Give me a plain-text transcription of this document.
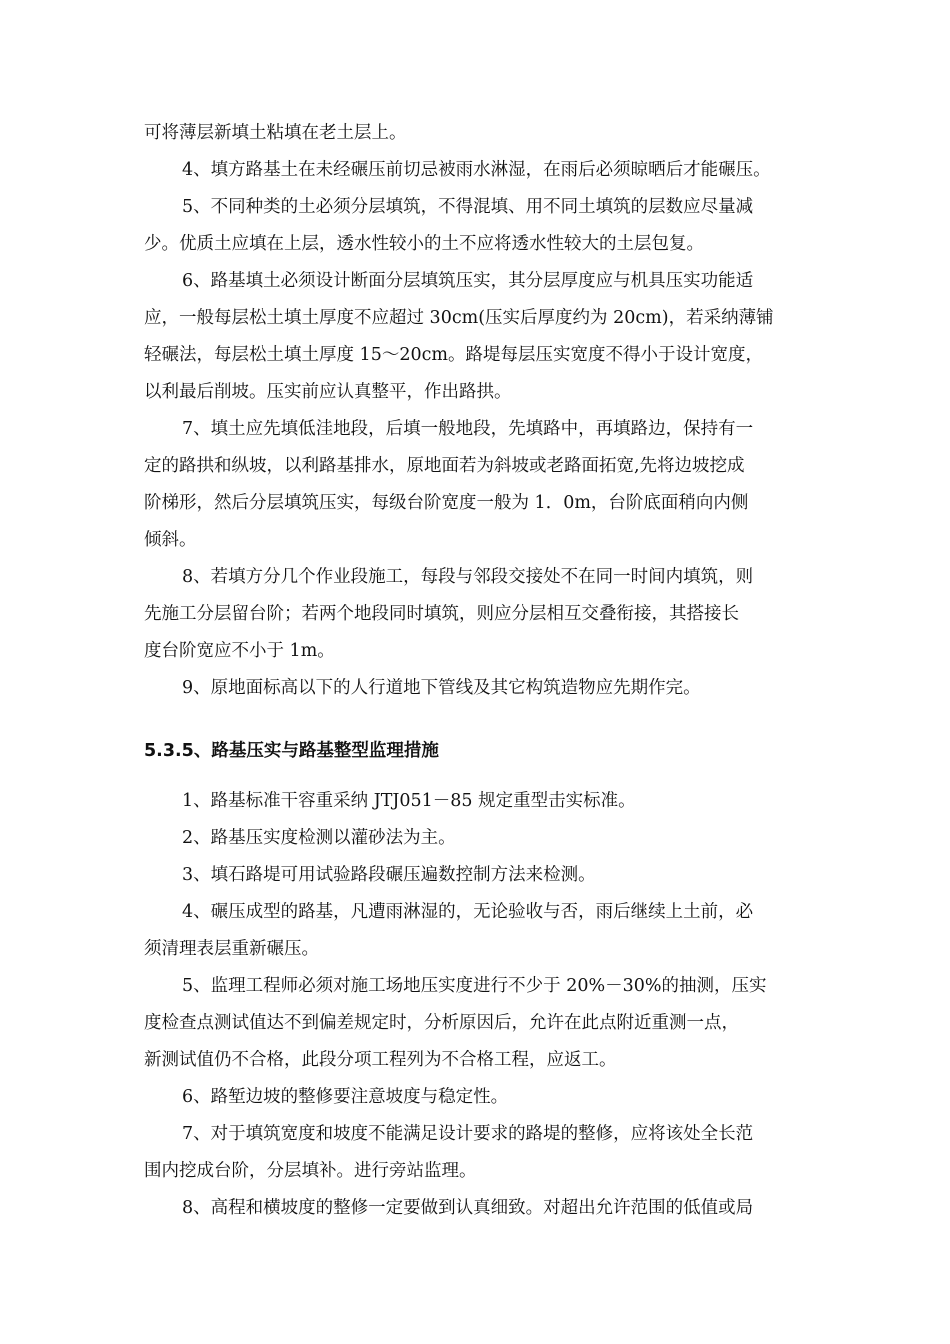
可将薄层新填土粘填在老土层上。
4、填方路基土在未经碾压前切忌被雨水淋湿，在雨后必须晾晒后才能碾压。
5、不同种类的土必须分层填筑，不得混填、用不同土填筑的层数应尽量减
少。优质土应填在上层，透水性较小的土不应将透水性较大的土层包复。
6、路基填土必须设计断面分层填筑压实，其分层厚度应与机具压实功能适
应，一般每层松土填土厚度不应超过 30cm(压实后厚度约为 20cm)，若采纳薄铺
轻碾法，每层松土填土厚度 15～20cm。路堤每层压实宽度不得小于设计宽度，
以利最后削坡。压实前应认真整平，作出路拱。
7、填土应先填低洼地段，后填一般地段，先填路中，再填路边，保持有一
定的路拱和纵坡，以利路基排水，原地面若为斜坡或老路面拓宽,先将边坡挖成
阶梯形，然后分层填筑压实，每级台阶宽度一般为 1．0m，台阶底面稍向内侧
倾斜。
8、若填方分几个作业段施工，每段与邻段交接处不在同一时间内填筑，则
先施工分层留台阶；若两个地段同时填筑，则应分层相互交叠衔接，其搭接长
度台阶宽应不小于 1m。
9、原地面标高以下的人行道地下管线及其它构筑造物应先期作完。
5.3.5、路基压实与路基整型监理措施
1、路基标准干容重采纳 JTJ051－85 规定重型击实标准。
2、路基压实度检测以灌砂法为主。
3、填石路堤可用试验路段碾压遍数控制方法来检测。
4、碾压成型的路基，凡遭雨淋湿的，无论验收与否，雨后继续上土前，必
须清理表层重新碾压。
5、监理工程师必须对施工场地压实度进行不少于 20%－30%的抽测，压实
度检查点测试值达不到偏差规定时，分析原因后，允许在此点附近重测一点，
新测试值仍不合格，此段分项工程列为不合格工程，应返工。
6、路堑边坡的整修要注意坡度与稳定性。
7、对于填筑宽度和坡度不能满足设计要求的路堤的整修，应将该处全长范
围内挖成台阶，分层填补。进行旁站监理。
8、高程和横坡度的整修一定要做到认真细致。对超出允许范围的低值或局
